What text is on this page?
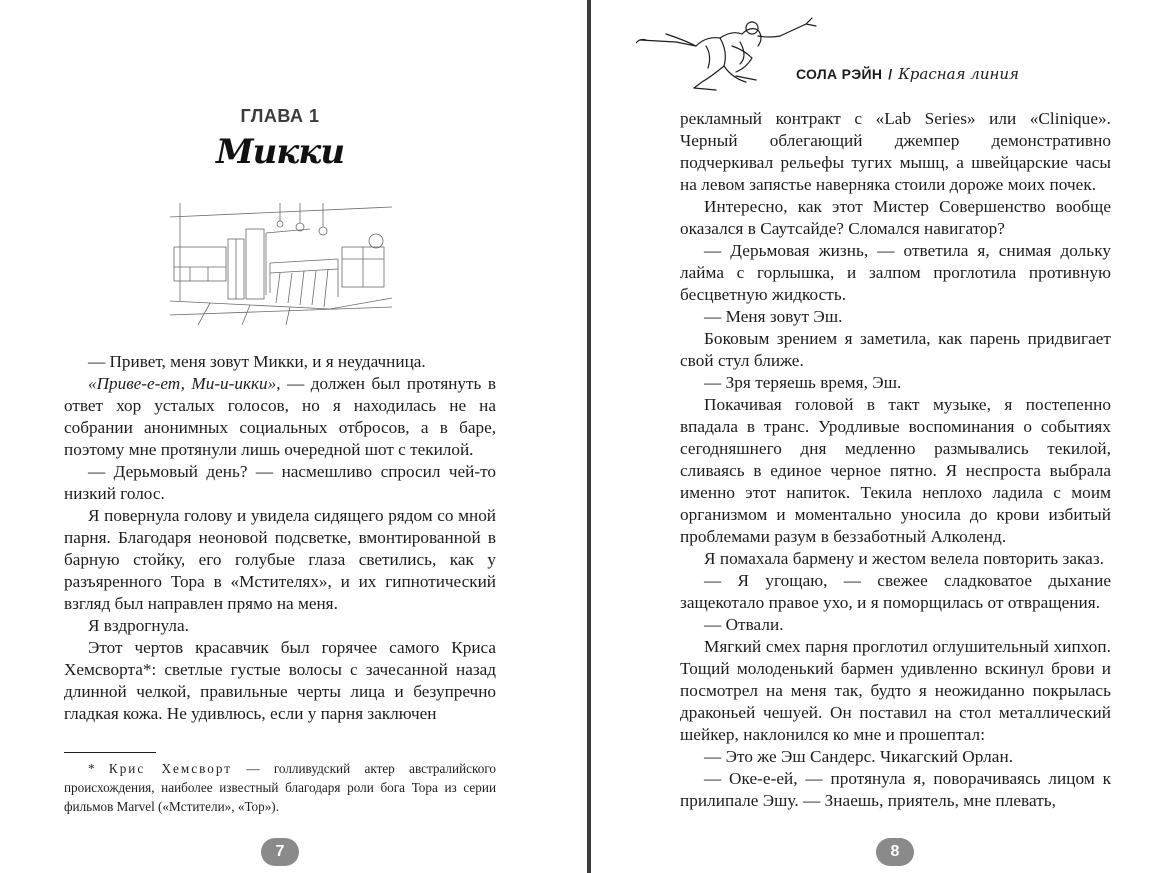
ГЛАВА 1
Микки

— Привет, меня зовут Микки, и я неудачница.

«Приве-е-ет, Ми-и-икки», — должен был протянуть в ответ хор усталых голосов, но я находилась не на собрании анонимных социальных отбросов, а в баре, поэтому мне протянули лишь очередной шот с текилой.

— Дерьмовый день? — насмешливо спросил чей-то низкий голос.

Я повернула голову и увидела сидящего рядом со мной парня. Благодаря неоновой подсветке, вмонтированной в барную стойку, его голубые глаза светились, как у разъяренного Тора в «Мстителях», и их гипнотический взгляд был направлен прямо на меня.

Я вздрогнула.

Этот чертов красавчик был горячее самого Криса Хемсворта*: светлые густые волосы с зачесанной назад длинной челкой, правильные черты лица и безупречно гладкая кожа. Не удивлюсь, если у парня заключен

* Крис Хемсворт — голливудский актер австралийского происхождения, наиболее известный благодаря роли бога Тора из серии фильмов Marvel («Мстители», «Тор»).

7
СОЛА РЭЙН / Красная линия

рекламный контракт с «Lab Series» или «Clinique». Черный облегающий джемпер демонстративно подчеркивал рельефы тугих мышц, а швейцарские часы на левом запястье наверняка стоили дороже моих почек.

Интересно, как этот Мистер Совершенство вообще оказался в Саутсайде? Сломался навигатор?

— Дерьмовая жизнь, — ответила я, снимая дольку лайма с горлышка, и залпом проглотила противную бесцветную жидкость.

— Меня зовут Эш.

Боковым зрением я заметила, как парень придвигает свой стул ближе.

— Зря теряешь время, Эш.

Покачивая головой в такт музыке, я постепенно впадала в транс. Уродливые воспоминания о событиях сегодняшнего дня медленно размывались текилой, сливаясь в единое черное пятно. Я неспроста выбрала именно этот напиток. Текила неплохо ладила с моим организмом и моментально уносила до крови избитый проблемами разум в беззаботный Алколенд.

Я помахала бармену и жестом велела повторить заказ.

— Я угощаю, — свежее сладковатое дыхание защекотало правое ухо, и я поморщилась от отвращения.

— Отвали.

Мягкий смех парня проглотил оглушительный хипхоп. Тощий молоденький бармен удивленно вскинул брови и посмотрел на меня так, будто я неожиданно покрылась драконьей чешуей. Он поставил на стол металлический шейкер, наклонился ко мне и прошептал:

— Это же Эш Сандерс. Чикагский Орлан.

— Оке-е-ей, — протянула я, поворачиваясь лицом к прилипале Эшу. — Знаешь, приятель, мне плевать,

8
